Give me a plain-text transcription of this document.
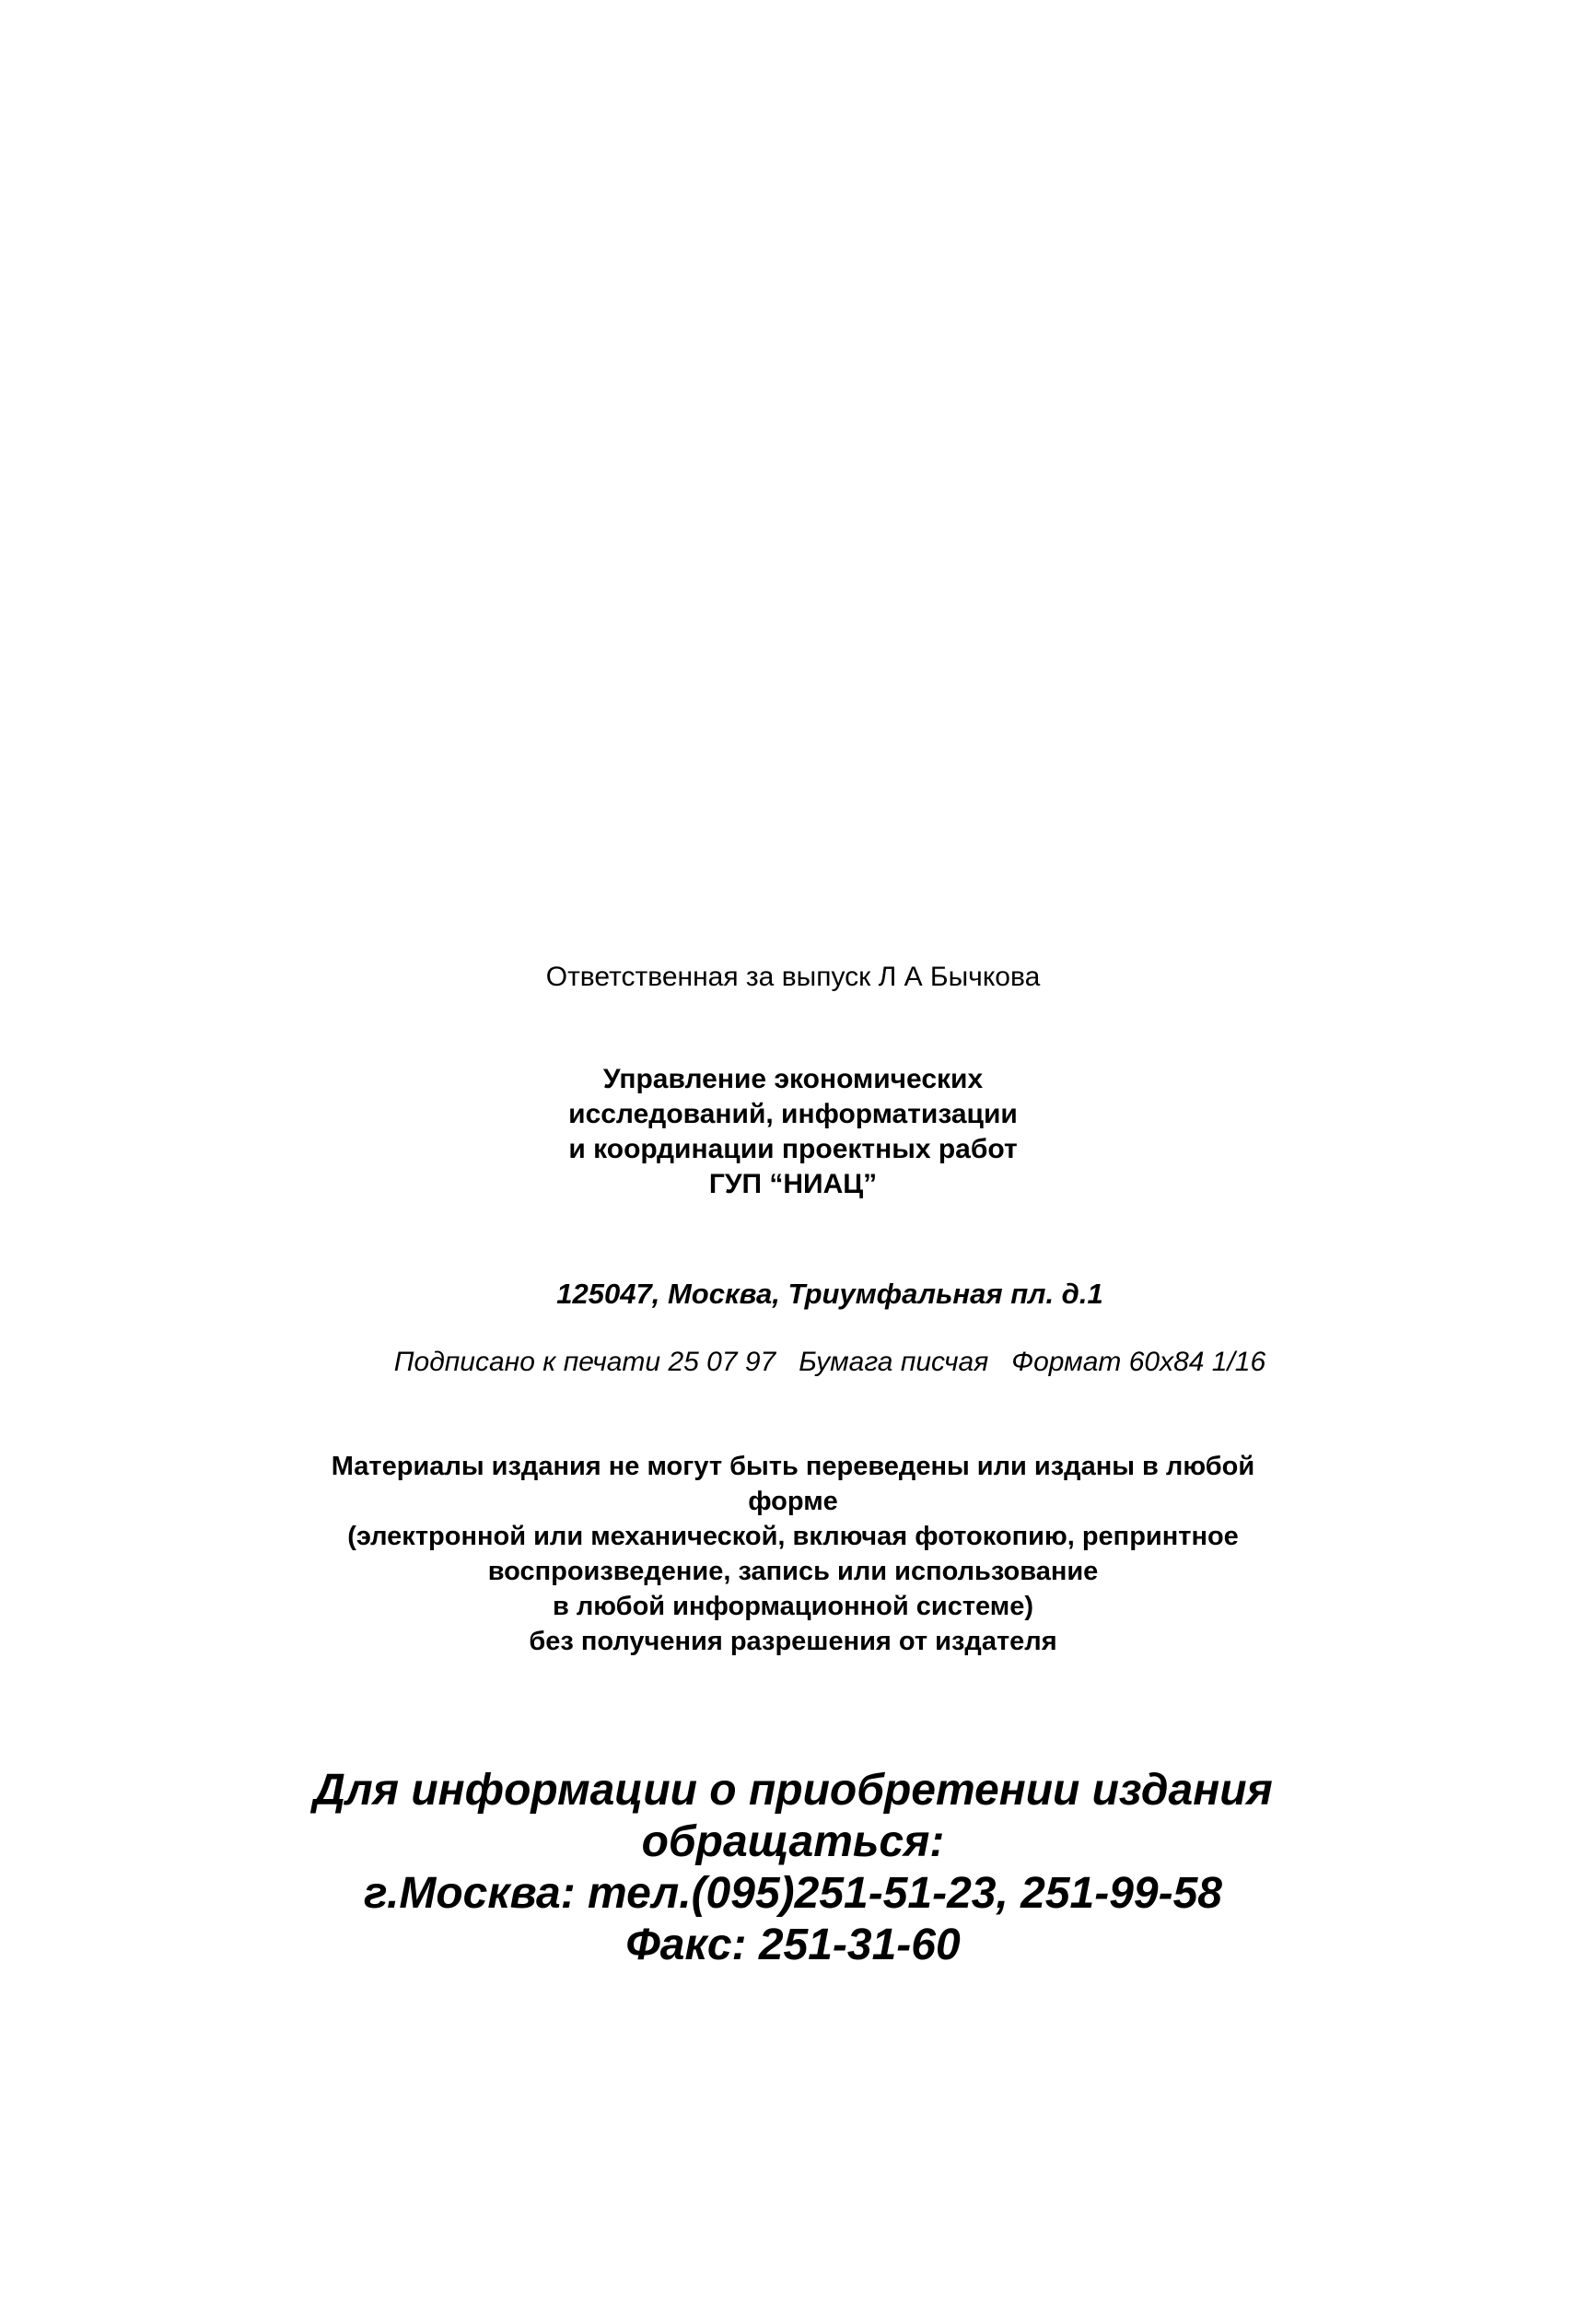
Ответственная за выпуск Л А Бычкова
Управление экономических
исследований, информатизации
и координации проектных работ
ГУП “НИАЦ”
125047, Москва, Триумфальная пл. д.1
Подписано к печати 25 07 97   Бумага писчая   Формат 60x84 1/16
Материалы издания не могут быть переведены или изданы в любой
форме
(электронной или механической, включая фотокопию, репринтное
воспроизведение, запись или использование
в любой информационной системе)
без получения разрешения от издателя
Для информации о приобретении издания
обращаться:
г.Москва: тел.(095)251-51-23, 251-99-58
Факс: 251-31-60
